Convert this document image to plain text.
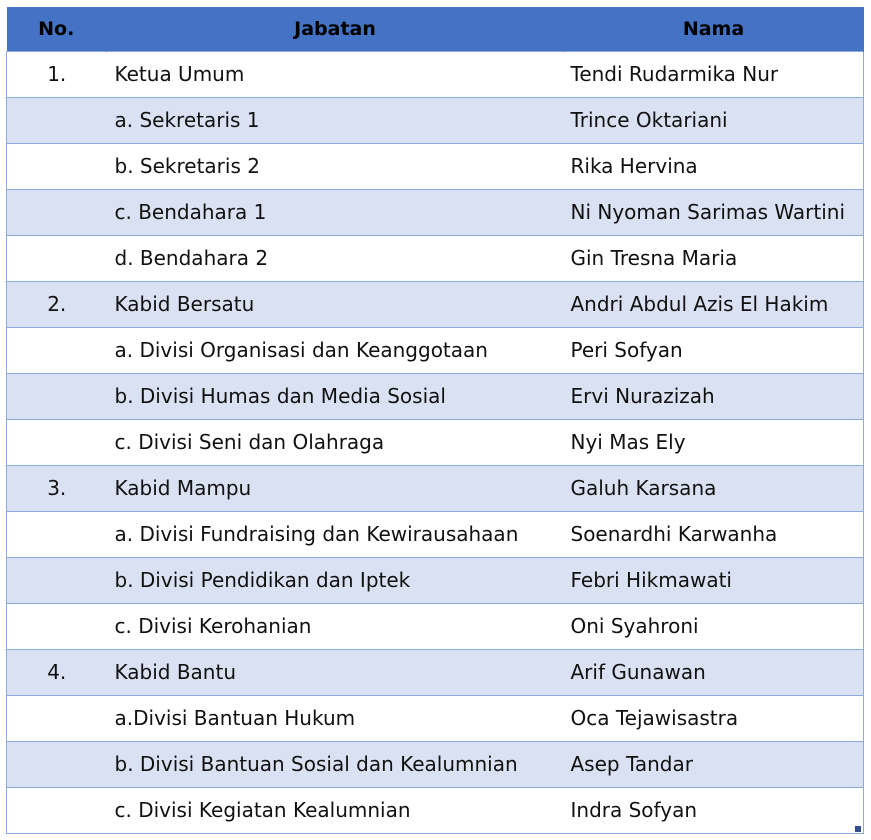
No.	Jabatan	Nama
1.	Ketua Umum	Tendi Rudarmika Nur
	a. Sekretaris 1	Trince Oktariani
	b. Sekretaris 2	Rika Hervina
	c. Bendahara 1	Ni Nyoman Sarimas Wartini
	d. Bendahara 2	Gin Tresna Maria
2.	Kabid Bersatu	Andri Abdul Azis El Hakim
	a. Divisi Organisasi dan Keanggotaan	Peri Sofyan
	b. Divisi Humas dan Media Sosial	Ervi Nurazizah
	c. Divisi Seni dan Olahraga	Nyi Mas Ely
3.	Kabid Mampu	Galuh Karsana
	a. Divisi Fundraising dan Kewirausahaan	Soenardhi Karwanha
	b. Divisi Pendidikan dan Iptek	Febri Hikmawati
	c. Divisi Kerohanian	Oni Syahroni
4.	Kabid Bantu	Arif Gunawan
	a.Divisi Bantuan Hukum	Oca Tejawisastra
	b. Divisi Bantuan Sosial dan Kealumnian	Asep Tandar
	c. Divisi Kegiatan Kealumnian	Indra Sofyan
